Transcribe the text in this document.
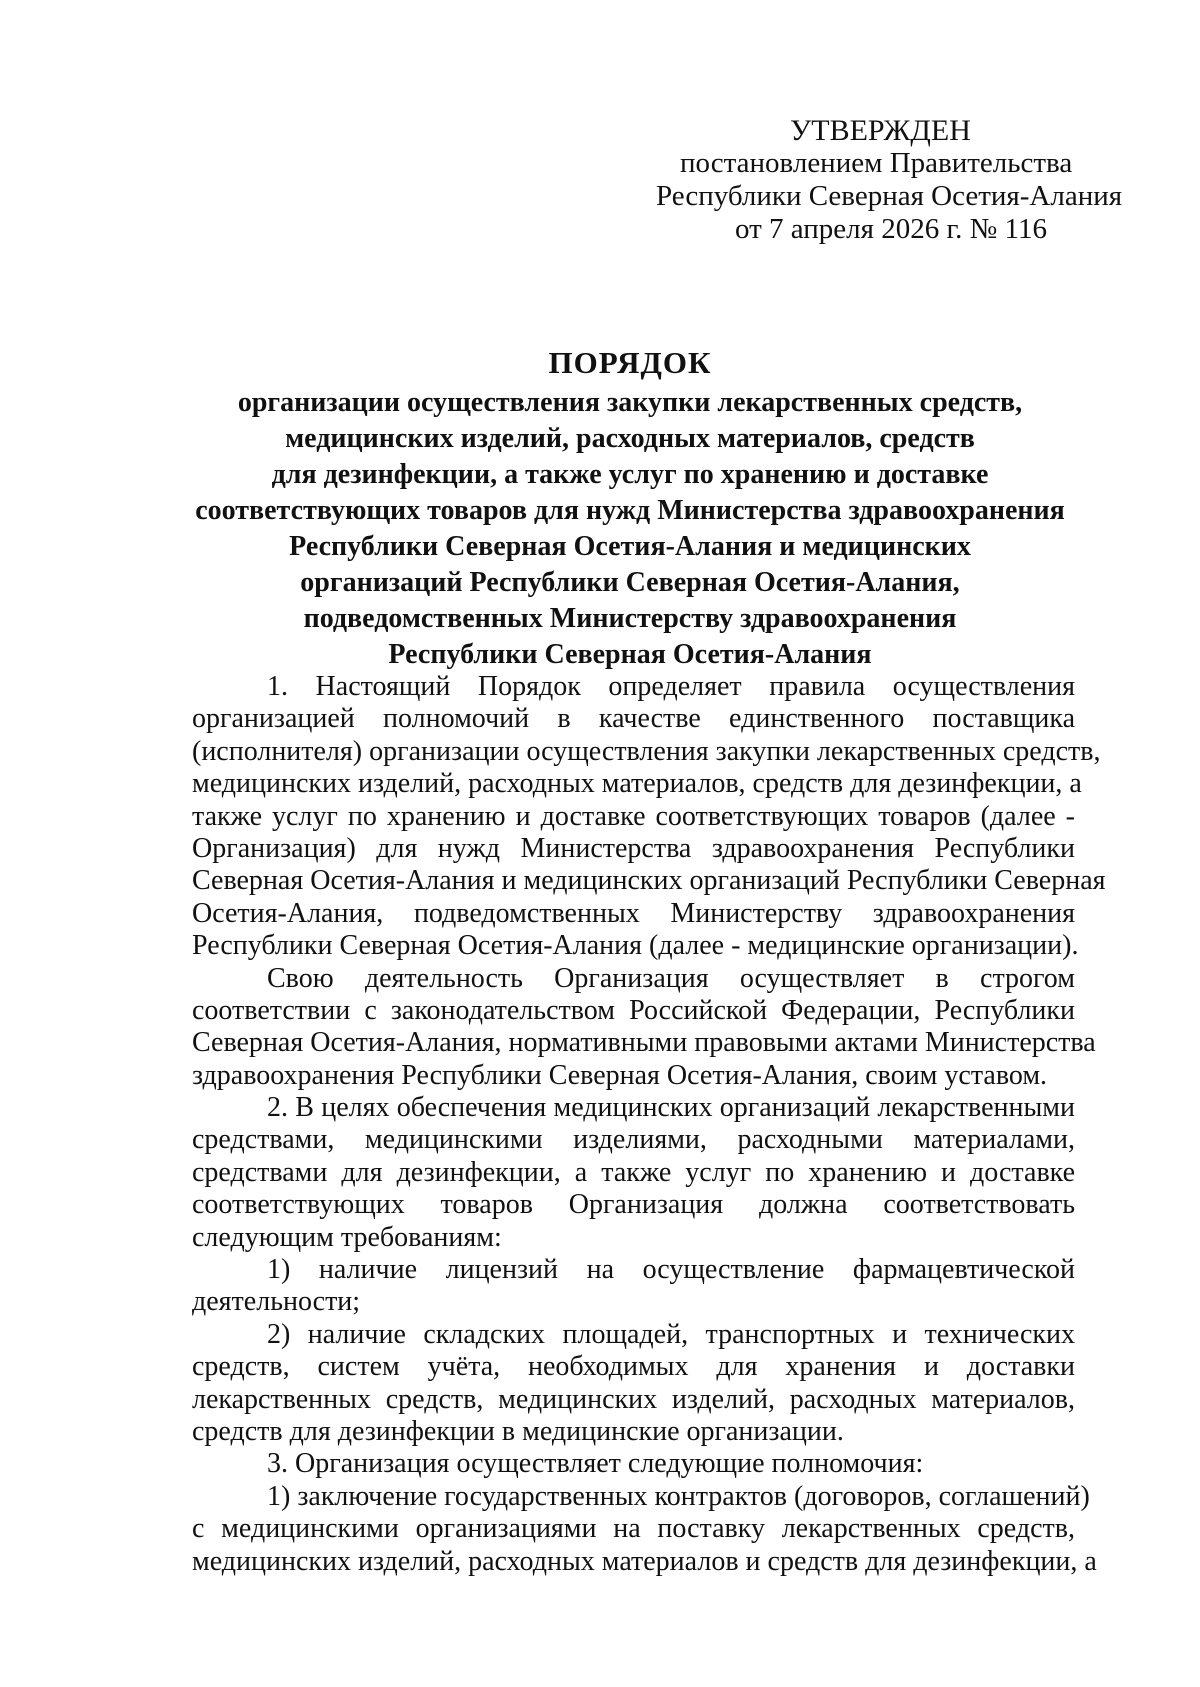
УТВЕРЖДЕН
постановлением Правительства
Республики Северная Осетия-Алания
от 7 апреля 2026 г. № 116
ПОРЯДОК
организации осуществления закупки лекарственных средств,
медицинских изделий, расходных материалов, средств
для дезинфекции, а также услуг по хранению и доставке
соответствующих товаров для нужд Министерства здравоохранения
Республики Северная Осетия-Алания и медицинских
организаций Республики Северная Осетия-Алания,
подведомственных Министерству здравоохранения
Республики Северная Осетия-Алания
1. Настоящий Порядок определяет правила осуществления
организацией полномочий в качестве единственного поставщика
(исполнителя) организации осуществления закупки лекарственных средств,
медицинских изделий, расходных материалов, средств для дезинфекции, а
также услуг по хранению и доставке соответствующих товаров (далее -
Организация) для нужд Министерства здравоохранения Республики
Северная Осетия-Алания и медицинских организаций Республики Северная
Осетия-Алания, подведомственных Министерству здравоохранения
Республики Северная Осетия-Алания (далее - медицинские организации).
Свою деятельность Организация осуществляет в строгом
соответствии с законодательством Российской Федерации, Республики
Северная Осетия-Алания, нормативными правовыми актами Министерства
здравоохранения Республики Северная Осетия-Алания, своим уставом.
2. В целях обеспечения медицинских организаций лекарственными
средствами, медицинскими изделиями, расходными материалами,
средствами для дезинфекции, а также услуг по хранению и доставке
соответствующих товаров Организация должна соответствовать
следующим требованиям:
1) наличие лицензий на осуществление фармацевтической
деятельности;
2) наличие складских площадей, транспортных и технических
средств, систем учёта, необходимых для хранения и доставки
лекарственных средств, медицинских изделий, расходных материалов,
средств для дезинфекции в медицинские организации.
3. Организация осуществляет следующие полномочия:
1) заключение государственных контрактов (договоров, соглашений)
с медицинскими организациями на поставку лекарственных средств,
медицинских изделий, расходных материалов и средств для дезинфекции, а
